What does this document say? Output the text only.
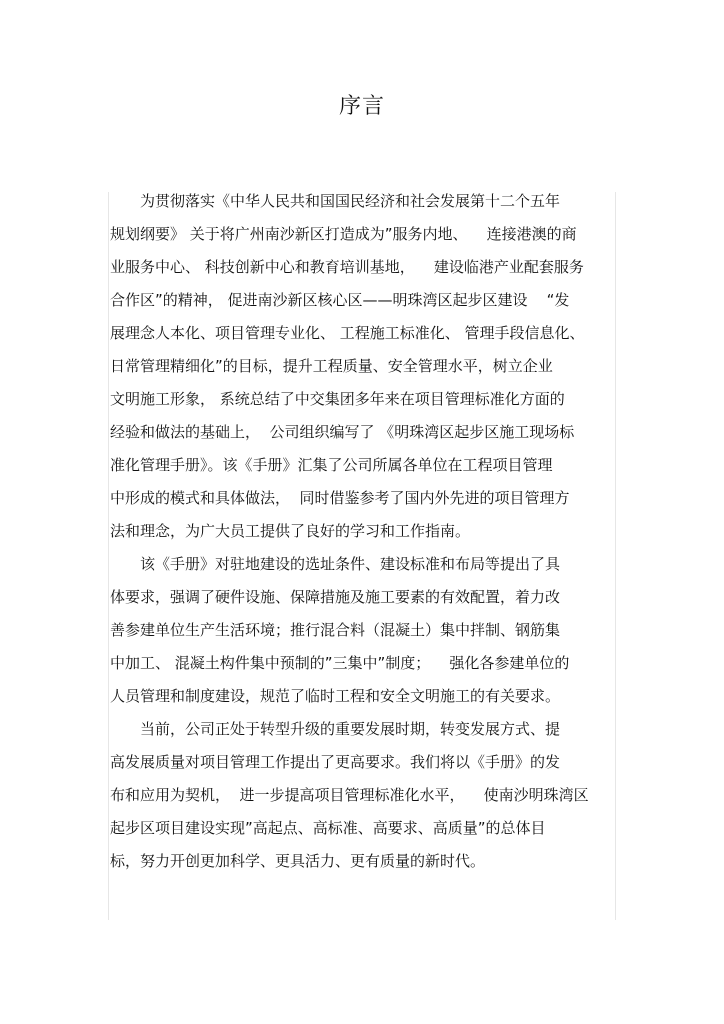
序言
为贯彻落实《中华人民共和国国民经济和社会发展第十二个五年
规划纲要》 关于将广州南沙新区打造成为”服务内地、    连接港澳的商
业服务中心、 科技创新中心和教育培训基地，    建设临港产业配套服务
合作区”的精神， 促进南沙新区核心区——明珠湾区起步区建设    “发
展理念人本化、项目管理专业化、 工程施工标准化、 管理手段信息化、
日常管理精细化”的目标，提升工程质量、安全管理水平，树立企业
文明施工形象， 系统总结了中交集团多年来在项目管理标准化方面的
经验和做法的基础上，  公司组织编写了 《明珠湾区起步区施工现场标
准化管理手册》。该《手册》汇集了公司所属各单位在工程项目管理
中形成的模式和具体做法，  同时借鉴参考了国内外先进的项目管理方
法和理念，为广大员工提供了良好的学习和工作指南。
该《手册》对驻地建设的选址条件、建设标准和布局等提出了具
体要求，强调了硬件设施、保障措施及施工要素的有效配置，着力改
善参建单位生产生活环境；推行混合料（混凝土）集中拌制、钢筋集
中加工、 混凝土构件集中预制的”三集中”制度；    强化各参建单位的
人员管理和制度建设，规范了临时工程和安全文明施工的有关要求。
当前，公司正处于转型升级的重要发展时期，转变发展方式、提
高发展质量对项目管理工作提出了更高要求。我们将以《手册》的发
布和应用为契机，  进一步提高项目管理标准化水平，    使南沙明珠湾区
起步区项目建设实现”高起点、高标准、高要求、高质量”的总体目
标，努力开创更加科学、更具活力、更有质量的新时代。
